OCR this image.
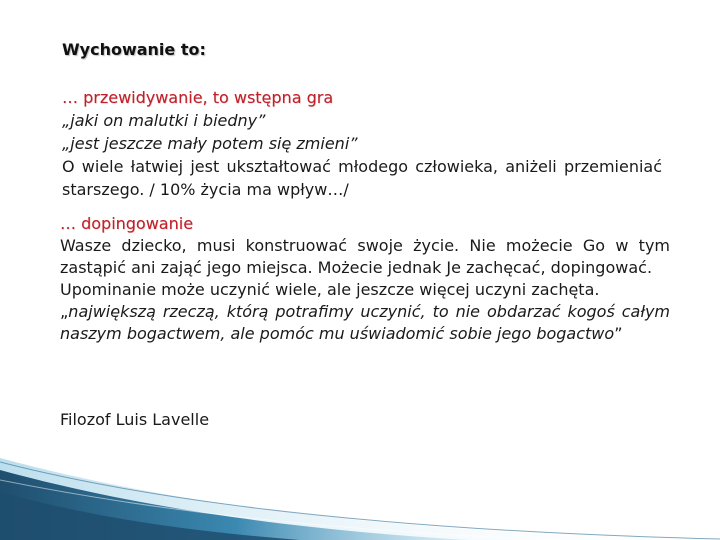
Wychowanie to:
… przewidywanie, to wstępna gra
„jaki on malutki i biedny”
„jest jeszcze mały potem się zmieni”
O wiele łatwiej jest ukształtować młodego człowieka, aniżeli przemieniać starszego. / 10% życia ma wpływ…/
… dopingowanie
Wasze dziecko, musi konstruować swoje życie. Nie możecie Go w tym zastąpić ani zająć jego miejsca. Możecie jednak Je zachęcać, dopingować.
Upominanie może uczynić wiele, ale jeszcze więcej uczyni zachęta.
„największą rzeczą, którą potrafimy uczynić, to nie obdarzać kogoś całym naszym bogactwem, ale pomóc mu uświadomić sobie jego bogactwo”
Filozof Luis Lavelle
